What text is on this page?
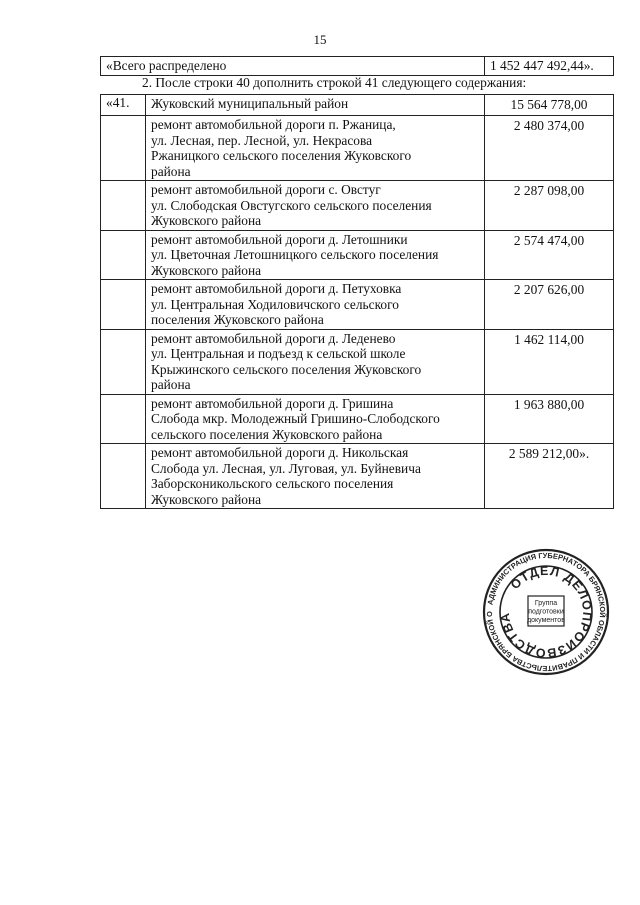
15
«Всего распределено	1 452 447 492,44».
2. После строки 40 дополнить строкой 41 следующего содержания:
«41.	Жуковский муниципальный район	15 564 778,00

	ремонт автомобильной дороги п. Ржаница,
ул. Лесная, пер. Лесной, ул. Некрасова
Ржаницкого сельского поселения Жуковского
района	2 480 374,00

	ремонт автомобильной дороги с. Овстуг
ул. Слободская Овстугского сельского поселения
Жуковского района	2 287 098,00

	ремонт автомобильной дороги д. Летошники
ул. Цветочная Летошницкого сельского поселения
Жуковского района	2 574 474,00

	ремонт автомобильной дороги д. Петуховка
ул. Центральная Ходиловичского сельского
поселения Жуковского района	2 207 626,00

	ремонт автомобильной дороги д. Леденево
ул. Центральная и подъезд к сельской школе
Крыжинского сельского поселения Жуковского
района	1 462 114,00

	ремонт автомобильной дороги д. Гришина
Слобода мкр. Молодежный Гришино-Слободского
сельского поселения Жуковского района	1 963 880,00

	ремонт автомобильной дороги д. Никольская
Слобода ул. Лесная, ул. Луговая, ул. Буйневича
Заборсконикольского сельского поселения
Жуковского района	2 589 212,00».
АДМИНИСТРАЦИЯ ГУБЕРНАТОРА БРЯНСКОЙ ОБЛАСТИ И ПРАВИТЕЛЬСТВА БРЯНСКОЙ О
ОТДЕЛ ДЕЛОПРОИЗВОДСТВА
Группа подготовки документов
